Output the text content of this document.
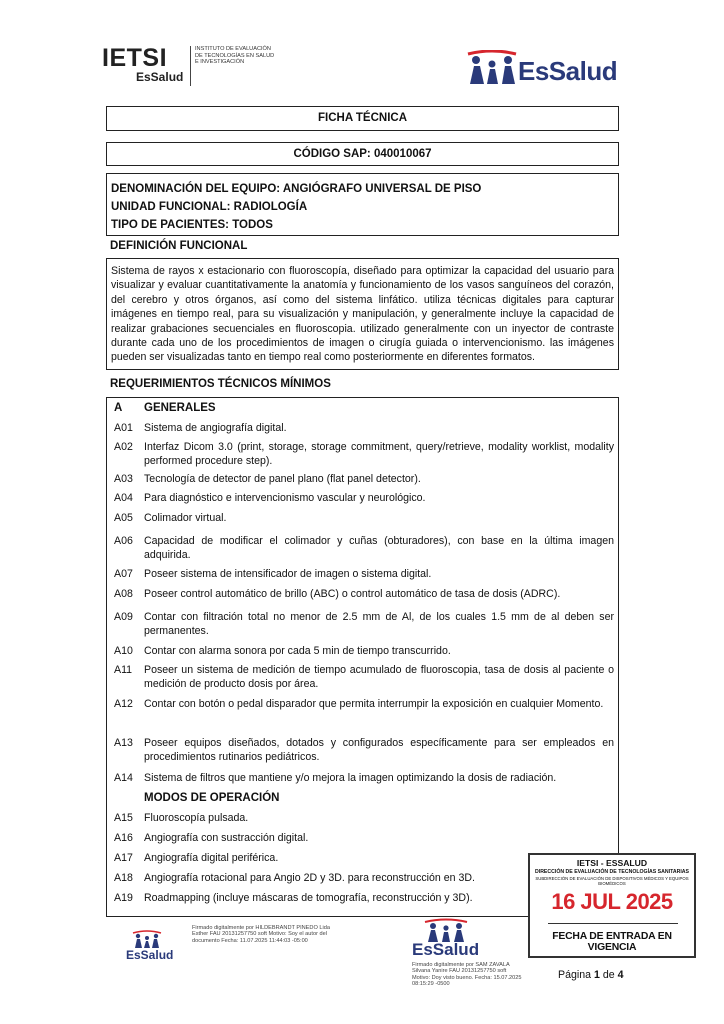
IETSI
EsSalud
INSTITUTO DE EVALUACIÓN DE TECNOLOGÍAS EN SALUD E INVESTIGACIÓN	EsSalud
FICHA TÉCNICA
CÓDIGO SAP: 040010067
DENOMINACIÓN DEL EQUIPO: ANGIÓGRAFO UNIVERSAL DE PISO
UNIDAD FUNCIONAL: RADIOLOGÍA
TIPO DE PACIENTES: TODOS
DEFINICIÓN FUNCIONAL
Sistema de rayos x estacionario con fluoroscopía, diseñado para optimizar la capacidad del usuario para visualizar y evaluar cuantitativamente la anatomía y funcionamiento de los vasos sanguíneos del corazón, del cerebro y otros órganos, así como del sistema linfático. utiliza técnicas digitales para capturar imágenes en tiempo real, para su visualización y manipulación, y generalmente incluye la capacidad de realizar grabaciones secuenciales en fluoroscopia. utilizado generalmente con un inyector de contraste durante cada uno de los procedimientos de imagen o cirugía guiada o intervencionismo. las imágenes pueden ser visualizadas tanto en tiempo real como posteriormente en diferentes formatos.
REQUERIMIENTOS TÉCNICOS MÍNIMOS
A	GENERALES
A01	Sistema de angiografía digital.
A02	Interfaz Dicom 3.0 (print, storage, storage commitment, query/retrieve, modality worklist, modality performed procedure step).
A03	Tecnología de detector de panel plano (flat panel detector).
A04	Para diagnóstico e intervencionismo vascular y neurológico.
A05	Colimador virtual.
A06	Capacidad de modificar el colimador y cuñas (obturadores), con base en la última imagen adquirida.
A07	Poseer sistema de intensificador de imagen o sistema digital.
A08	Poseer control automático de brillo (ABC) o control automático de tasa de dosis (ADRC).
A09	Contar con filtración total no menor de 2.5 mm de Al, de los cuales 1.5 mm de al deben ser permanentes.
A10	Contar con alarma sonora por cada 5 min de tiempo transcurrido.
A11	Poseer un sistema de medición de tiempo acumulado de fluoroscopia, tasa de dosis al paciente o medición de producto dosis por área.
A12	Contar con botón o pedal disparador que permita interrumpir la exposición en cualquier Momento.
A13	Poseer equipos diseñados, dotados y configurados específicamente para ser empleados en procedimientos rutinarios pediátricos.
A14	Sistema de filtros que mantiene y/o mejora la imagen optimizando la dosis de radiación.
MODOS DE OPERACIÓN
A15	Fluoroscopía pulsada.
A16	Angiografía con sustracción digital.
A17	Angiografía digital periférica.
A18	Angiografía rotacional para Angio 2D y 3D. para reconstrucción en 3D.
A19	Roadmapping (incluye máscaras de tomografía, reconstrucción y 3D).
EsSalud
Firmado digitalmente por HILDEBRANDT PINEDO Lida Esther FAU 20131257750 soft Motivo: Soy el autor del documento Fecha: 11.07.2025 11:44:03 -05:00	EsSalud
Firmado digitalmente por SAM ZAVALA Silvana Yanire FAU 20131257750 soft Motivo: Doy visto bueno. Fecha: 15.07.2025 08:15:29 -0500
IETSI - ESSALUD
DIRECCIÓN DE EVALUACIÓN DE TECNOLOGÍAS SANITARIAS
SUBDIRECCIÓN DE EVALUACIÓN DE DISPOSITIVOS MÉDICOS Y EQUIPOS BIOMÉDICOS
16 JUL 2025
FECHA DE ENTRADA EN VIGENCIA
Página 1 de 4
